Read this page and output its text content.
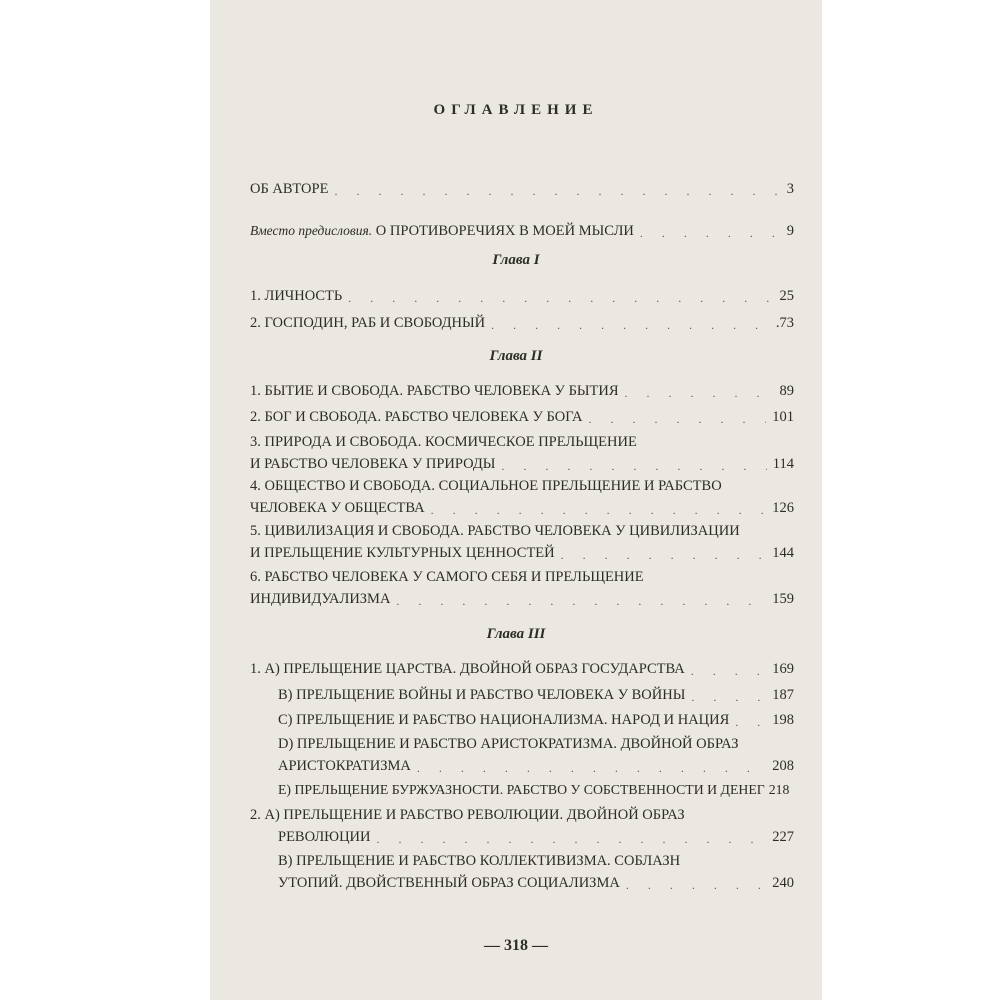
ОГЛАВЛЕНИЕ
ОБ АВТОРЕ . . .	3
Вместо предисловия. О ПРОТИВОРЕЧИЯХ В МОЕЙ МЫСЛИ . . .	9
Глава I
1. ЛИЧНОСТЬ . . .	25
2. ГОСПОДИН, РАБ И СВОБОДНЫЙ . . .	.73
Глава II
1. БЫТИЕ И СВОБОДА. РАБСТВО ЧЕЛОВЕКА У БЫТИЯ . . .	89
2. БОГ И СВОБОДА. РАБСТВО ЧЕЛОВЕКА У БОГА . . .	101
3. ПРИРОДА И СВОБОДА. КОСМИЧЕСКОЕ ПРЕЛЬЩЕНИЕ
И РАБСТВО ЧЕЛОВЕКА У ПРИРОДЫ . . .	114
4. ОБЩЕСТВО И СВОБОДА. СОЦИАЛЬНОЕ ПРЕЛЬЩЕНИЕ И РАБСТВО
ЧЕЛОВЕКА У ОБЩЕСТВА . . .	126
5. ЦИВИЛИЗАЦИЯ И СВОБОДА. РАБСТВО ЧЕЛОВЕКА У ЦИВИЛИЗАЦИИ
И ПРЕЛЬЩЕНИЕ КУЛЬТУРНЫХ ЦЕННОСТЕЙ . . .	144
6. РАБСТВО ЧЕЛОВЕКА У САМОГО СЕБЯ И ПРЕЛЬЩЕНИЕ
ИНДИВИДУАЛИЗМА . . .	159
Глава III
1. А) ПРЕЛЬЩЕНИЕ ЦАРСТВА. ДВОЙНОЙ ОБРАЗ ГОСУДАРСТВА . . .	169
В) ПРЕЛЬЩЕНИЕ ВОЙНЫ И РАБСТВО ЧЕЛОВЕКА У ВОЙНЫ . . .	187
С) ПРЕЛЬЩЕНИЕ И РАБСТВО НАЦИОНАЛИЗМА. НАРОД И НАЦИЯ . . .	198
D) ПРЕЛЬЩЕНИЕ И РАБСТВО АРИСТОКРАТИЗМА. ДВОЙНОЙ ОБРАЗ
АРИСТОКРАТИЗМА . . .	208
Е) ПРЕЛЬЩЕНИЕ БУРЖУАЗНОСТИ. РАБСТВО У СОБСТВЕННОСТИ И ДЕНЕГ 218
2. А) ПРЕЛЬЩЕНИЕ И РАБСТВО РЕВОЛЮЦИИ. ДВОЙНОЙ ОБРАЗ
РЕВОЛЮЦИИ . . .	227
В) ПРЕЛЬЩЕНИЕ И РАБСТВО КОЛЛЕКТИВИЗМА. СОБЛАЗН
УТОПИЙ. ДВОЙСТВЕННЫЙ ОБРАЗ СОЦИАЛИЗМА . . .	240
— 318 —
